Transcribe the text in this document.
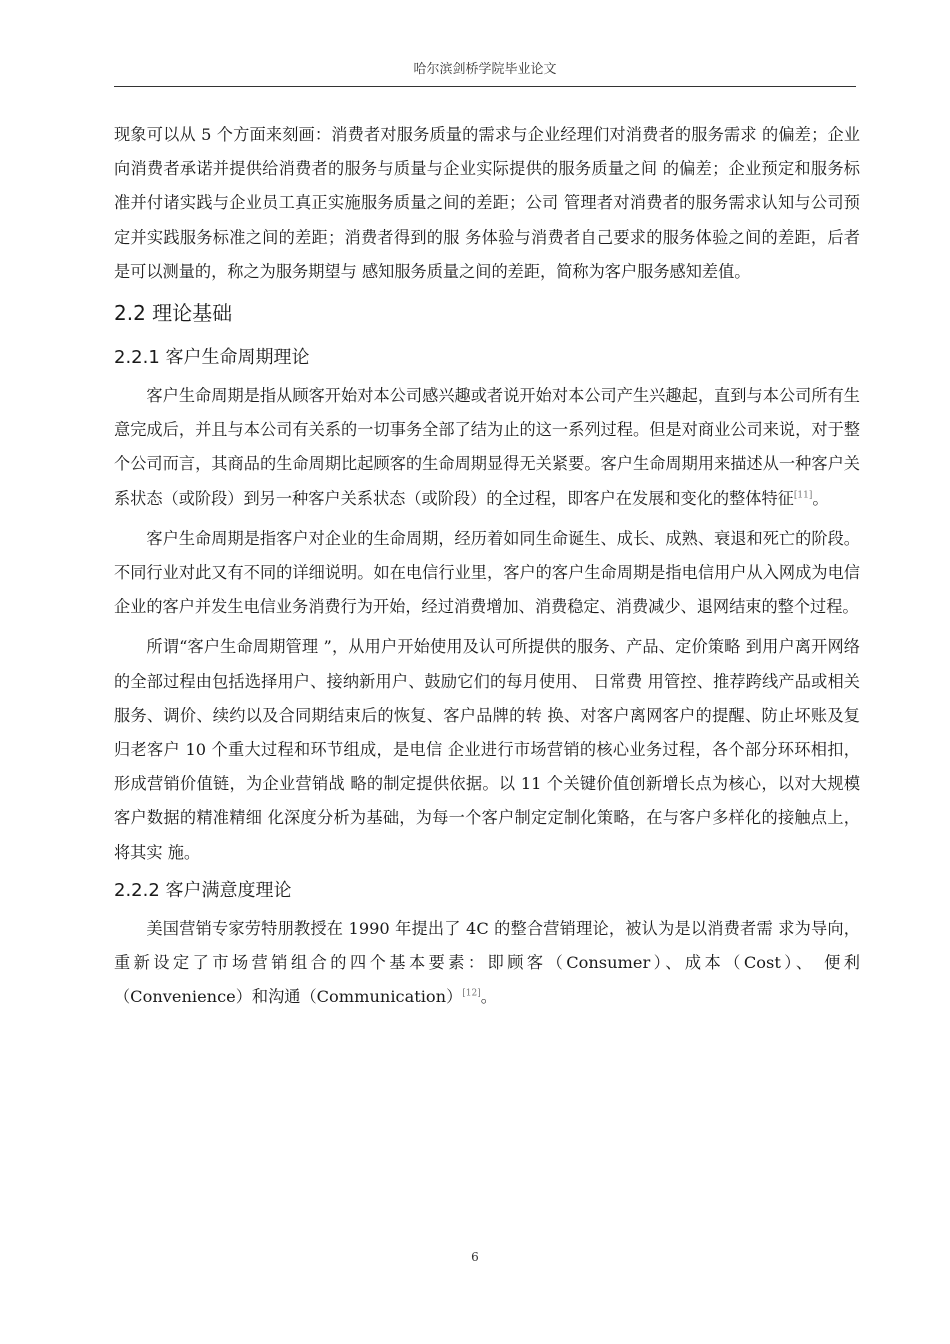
哈尔滨剑桥学院毕业论文

现象可以从 5 个方面来刻画：消费者对服务质量的需求与企业经理们对消费者的服务需求 的偏差；企业向消费者承诺并提供给消费者的服务与质量与企业实际提供的服务质量之间 的偏差；企业预定和服务标准并付诸实践与企业员工真正实施服务质量之间的差距；公司 管理者对消费者的服务需求认知与公司预定并实践服务标准之间的差距；消费者得到的服 务体验与消费者自己要求的服务体验之间的差距，后者是可以测量的，称之为服务期望与 感知服务质量之间的差距，简称为客户服务感知差值。

2.2 理论基础
2.2.1 客户生命周期理论

客户生命周期是指从顾客开始对本公司感兴趣或者说开始对本公司产生兴趣起，直到与本公司所有生意完成后，并且与本公司有关系的一切事务全部了结为止的这一系列过程。但是对商业公司来说，对于整个公司而言，其商品的生命周期比起顾客的生命周期显得无关紧要。客户生命周期用来描述从一种客户关系状态（或阶段）到另一种客户关系状态（或阶段）的全过程，即客户在发展和变化的整体特征[11]。

客户生命周期是指客户对企业的生命周期，经历着如同生命诞生、成长、成熟、衰退和死亡的阶段。不同行业对此又有不同的详细说明。如在电信行业里，客户的客户生命周期是指电信用户从入网成为电信企业的客户并发生电信业务消费行为开始，经过消费增加、消费稳定、消费减少、退网结束的整个过程。

所谓“客户生命周期管理 ”，从用户开始使用及认可所提供的服务、产品、定价策略 到用户离开网络的全部过程由包括选择用户、接纳新用户、鼓励它们的每月使用、 日常费 用管控、推荐跨线产品或相关服务、调价、续约以及合同期结束后的恢复、客户品牌的转 换、对客户离网客户的提醒、防止坏账及复归老客户 10 个重大过程和环节组成，是电信 企业进行市场营销的核心业务过程，各个部分环环相扣，形成营销价值链，为企业营销战 略的制定提供依据。以 11 个关键价值创新增长点为核心，以对大规模客户数据的精准精细 化深度分析为基础，为每一个客户制定定制化策略，在与客户多样化的接触点上，将其实 施。

2.2.2 客户满意度理论

美国营销专家劳特朋教授在 1990 年提出了 4C 的整合营销理论，被认为是以消费者需 求为导向，重新设定了市场营销组合的四个基本要素：即顾客（Consumer）、成本（Cost）、 便利（Convenience）和沟通（Communication）[12]。

6
